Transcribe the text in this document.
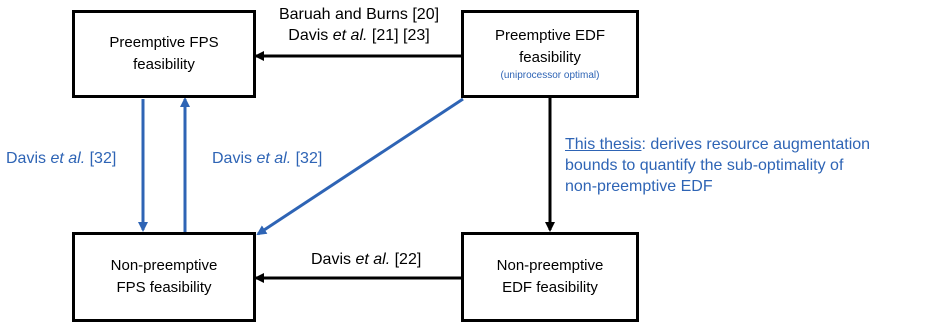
Preemptive FPS
feasibility
Preemptive EDF
feasibility
(uniprocessor optimal)
Non-preemptive
FPS feasibility
Non-preemptive
EDF feasibility
Baruah and Burns [20]
Davis et al. [21] [23]
Davis et al. [32]	Davis et al. [32]
Davis et al. [22]
This thesis: derives resource augmentation
bounds to quantify the sub-optimality of
non-preemptive EDF
